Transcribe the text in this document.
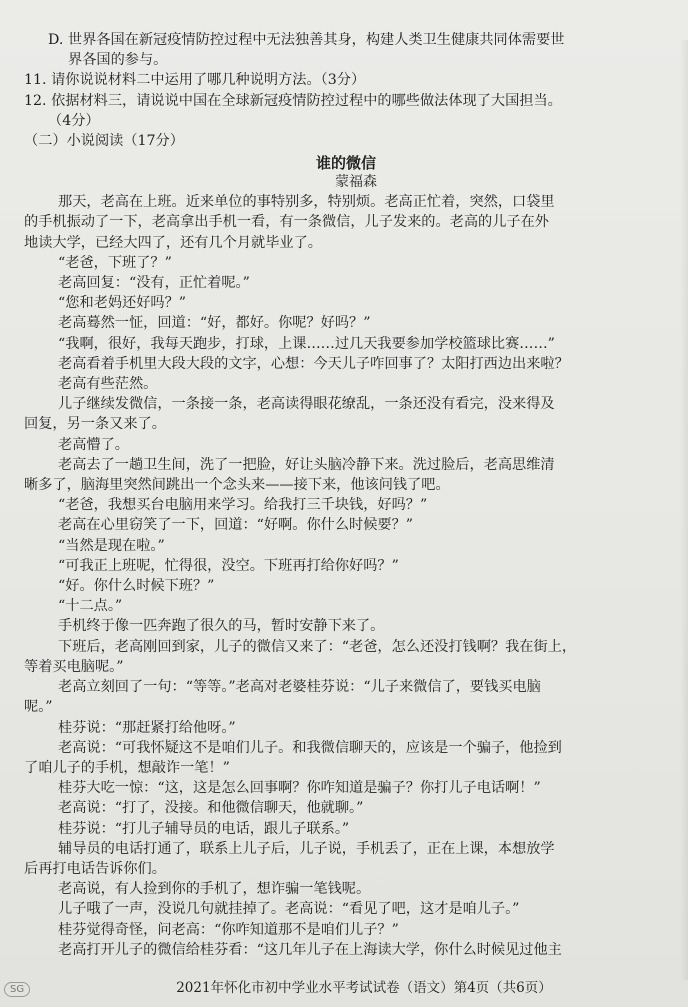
D. 世界各国在新冠疫情防控过程中无法独善其身，构建人类卫生健康共同体需要世

界各国的参与。

11. 请你说说材料二中运用了哪几种说明方法。（3分）

12. 依据材料三，请说说中国在全球新冠疫情防控过程中的哪些做法体现了大国担当。

（4分）

（二）小说阅读（17分）

谁的微信
蒙福森

那天，老高在上班。近来单位的事特别多，特别烦。老高正忙着，突然，口袋里

的手机振动了一下，老高拿出手机一看，有一条微信，儿子发来的。老高的儿子在外

地读大学，已经大四了，还有几个月就毕业了。

“老爸，下班了？”

老高回复：“没有，正忙着呢。”

“您和老妈还好吗？”

老高蓦然一怔，回道：“好，都好。你呢？好吗？”

“我啊，很好，我每天跑步，打球，上课……过几天我要参加学校篮球比赛……”

老高看着手机里大段大段的文字，心想：今天儿子咋回事了？太阳打西边出来啦？

老高有些茫然。

儿子继续发微信，一条接一条，老高读得眼花缭乱，一条还没有看完，没来得及

回复，另一条又来了。

老高懵了。

老高去了一趟卫生间，洗了一把脸，好让头脑冷静下来。洗过脸后，老高思维清

晰多了，脑海里突然间跳出一个念头来——接下来，他该问钱了吧。

“老爸，我想买台电脑用来学习。给我打三千块钱，好吗？”

老高在心里窃笑了一下，回道：“好啊。你什么时候要？”

“当然是现在啦。”

“可我正上班呢，忙得很，没空。下班再打给你好吗？”

“好。你什么时候下班？”

“十二点。”

手机终于像一匹奔跑了很久的马，暂时安静下来了。

下班后，老高刚回到家，儿子的微信又来了：“老爸，怎么还没打钱啊？我在街上，

等着买电脑呢。”

老高立刻回了一句：“等等。”老高对老婆桂芬说：“儿子来微信了，要钱买电脑

呢。”

桂芬说：“那赶紧打给他呀。”

老高说：“可我怀疑这不是咱们儿子。和我微信聊天的，应该是一个骗子，他捡到

了咱儿子的手机，想敲诈一笔！”

桂芬大吃一惊：“这，这是怎么回事啊？你咋知道是骗子？你打儿子电话啊！”

老高说：“打了，没接。和他微信聊天，他就聊。”

桂芬说：“打儿子辅导员的电话，跟儿子联系。”

辅导员的电话打通了，联系上儿子后，儿子说，手机丢了，正在上课，本想放学

后再打电话告诉你们。

老高说，有人捡到你的手机了，想诈骗一笔钱呢。

儿子哦了一声，没说几句就挂掉了。老高说：“看见了吧，这才是咱儿子。”

桂芬觉得奇怪，问老高：“你咋知道那不是咱们儿子？”

老高打开儿子的微信给桂芬看：“这几年儿子在上海读大学，你什么时候见过他主

2021年怀化市初中学业水平考试试卷（语文）第4页（共6页）
SG
